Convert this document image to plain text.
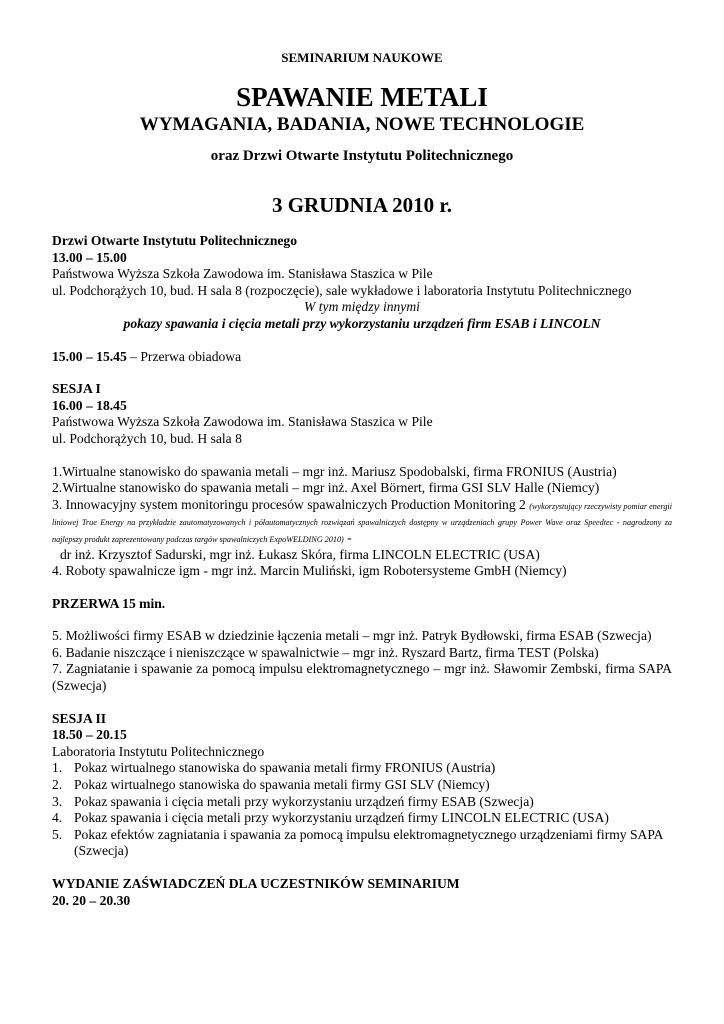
SEMINARIUM NAUKOWE
SPAWANIE METALI
WYMAGANIA, BADANIA, NOWE TECHNOLOGIE
oraz Drzwi Otwarte Instytutu Politechnicznego
3 GRUDNIA 2010 r.

Drzwi Otwarte Instytutu Politechnicznego

13.00 – 15.00

Państwowa Wyższa Szkoła Zawodowa im. Stanisława Staszica w Pile

ul. Podchorążych 10, bud. H sala 8 (rozpoczęcie), sale wykładowe i laboratoria Instytutu Politechnicznego

W tym między innymi

pokazy spawania i cięcia metali przy wykorzystaniu urządzeń firm ESAB i LINCOLN

15.00 – 15.45 – Przerwa obiadowa

SESJA I

16.00 – 18.45

Państwowa Wyższa Szkoła Zawodowa im. Stanisława Staszica w Pile

ul. Podchorążych 10, bud. H sala 8

1.Wirtualne stanowisko do spawania metali – mgr inż. Mariusz Spodobalski, firma FRONIUS (Austria)

2.Wirtualne stanowisko do spawania metali – mgr inż. Axel Börnert, firma GSI SLV Halle (Niemcy)

3. Innowacyjny system monitoringu procesów spawalniczych Production Monitoring 2 (wykorzystujący rzeczywisty pomiar energii liniowej True Energy na przykładzie zautomatyzowanych i półautomatycznych rozwiązań spawalniczych dostępny w urządzeniach grupy Power Wave oraz Speedtec - nagrodzony za najlepszy produkt zaprezentowany podczas targów spawalniczych ExpoWELDING 2010) -

dr inż. Krzysztof Sadurski, mgr inż. Łukasz Skóra, firma LINCOLN ELECTRIC (USA)

4. Roboty spawalnicze igm - mgr inż. Marcin Muliński, igm Robotersysteme GmbH (Niemcy)

PRZERWA 15 min.

5. Możliwości firmy ESAB w dziedzinie łączenia metali – mgr inż. Patryk Bydłowski, firma ESAB (Szwecja)

6. Badanie niszczące i nieniszczące w spawalnictwie – mgr inż. Ryszard Bartz, firma TEST (Polska)

7. Zagniatanie i spawanie za pomocą impulsu elektromagnetycznego – mgr inż. Sławomir Zembski, firma SAPA (Szwecja)

SESJA II

18.50 – 20.15

Laboratoria Instytutu Politechnicznego

1. Pokaz wirtualnego stanowiska do spawania metali firmy FRONIUS (Austria)
2. Pokaz wirtualnego stanowiska do spawania metali firmy GSI SLV (Niemcy)
3. Pokaz spawania i cięcia metali przy wykorzystaniu urządzeń firmy ESAB (Szwecja)
4. Pokaz spawania i cięcia metali przy wykorzystaniu urządzeń firmy LINCOLN ELECTRIC (USA)
5. Pokaz efektów zagniatania i spawania za pomocą impulsu elektromagnetycznego urządzeniami firmy SAPA (Szwecja)

WYDANIE ZAŚWIADCZEŃ DLA UCZESTNIKÓW SEMINARIUM

20. 20 – 20.30
